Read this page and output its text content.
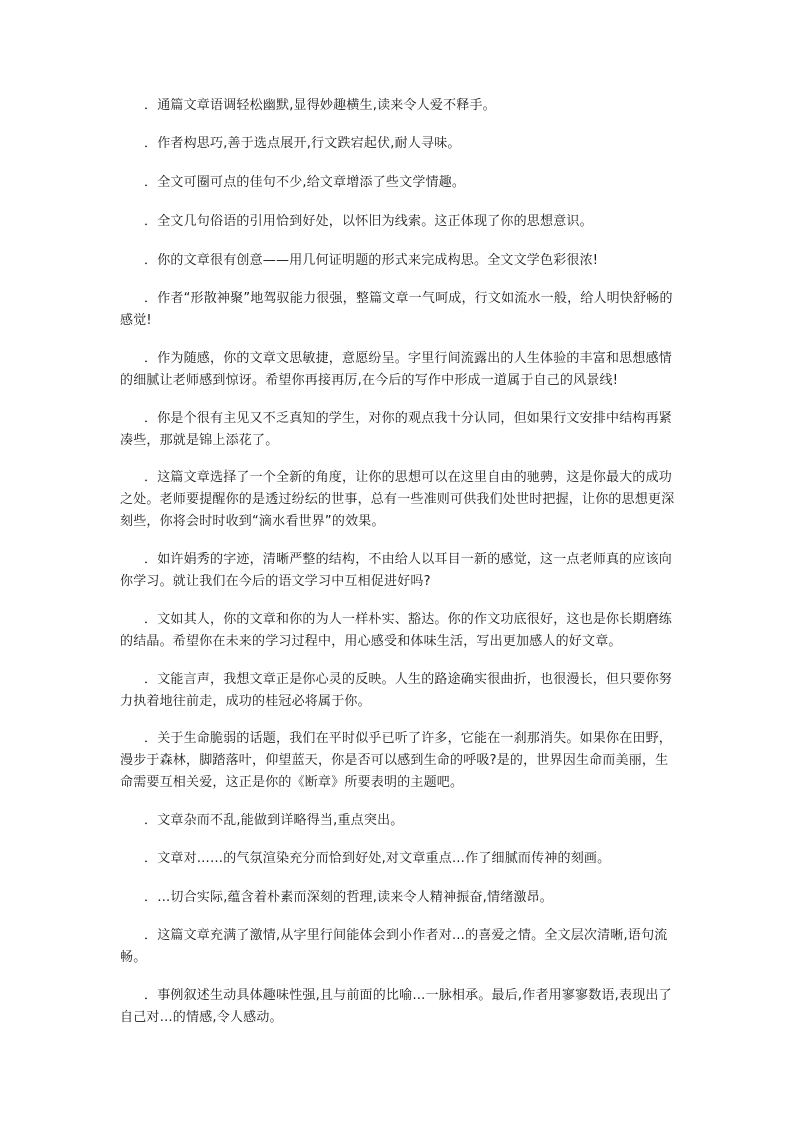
．通篇文章语调轻松幽默,显得妙趣横生,读来令人爱不释手。

．作者构思巧,善于选点展开,行文跌宕起伏,耐人寻味。

．全文可圈可点的佳句不少,给文章增添了些文学情趣。

．全文几句俗语的引用恰到好处，以怀旧为线索。这正体现了你的思想意识。

．你的文章很有创意——用几何证明题的形式来完成构思。全文文学色彩很浓!

．作者“形散神聚”地驾驭能力很强，整篇文章一气呵成，行文如流水一般，给人明快舒畅的感觉!

．作为随感，你的文章文思敏捷，意愿纷呈。字里行间流露出的人生体验的丰富和思想感情的细腻让老师感到惊讶。希望你再接再厉,在今后的写作中形成一道属于自己的风景线!

．你是个很有主见又不乏真知的学生，对你的观点我十分认同，但如果行文安排中结构再紧凑些，那就是锦上添花了。

．这篇文章选择了一个全新的角度，让你的思想可以在这里自由的驰骋，这是你最大的成功之处。老师要提醒你的是透过纷纭的世事，总有一些准则可供我们处世时把握，让你的思想更深刻些，你将会时时收到“滴水看世界”的效果。

．如许娟秀的字迹，清晰严整的结构，不由给人以耳目一新的感觉，这一点老师真的应该向你学习。就让我们在今后的语文学习中互相促进好吗?

．文如其人，你的文章和你的为人一样朴实、豁达。你的作文功底很好，这也是你长期磨练的结晶。希望你在未来的学习过程中，用心感受和体味生活，写出更加感人的好文章。

．文能言声，我想文章正是你心灵的反映。人生的路途确实很曲折，也很漫长，但只要你努力执着地往前走，成功的桂冠必将属于你。

．关于生命脆弱的话题，我们在平时似乎已听了许多，它能在一刹那消失。如果你在田野，漫步于森林，脚踏落叶，仰望蓝天，你是否可以感到生命的呼吸?是的，世界因生命而美丽，生命需要互相关爱，这正是你的《断章》所要表明的主题吧。

．文章杂而不乱,能做到详略得当,重点突出。

．文章对……的气氛渲染充分而恰到好处,对文章重点…作了细腻而传神的刻画。

．…切合实际,蕴含着朴素而深刻的哲理,读来令人精神振奋,情绪激昂。

．这篇文章充满了激情,从字里行间能体会到小作者对…的喜爱之情。全文层次清晰,语句流畅。

．事例叙述生动具体趣味性强,且与前面的比喻…一脉相承。最后,作者用寥寥数语,表现出了自己对…的情感,令人感动。
